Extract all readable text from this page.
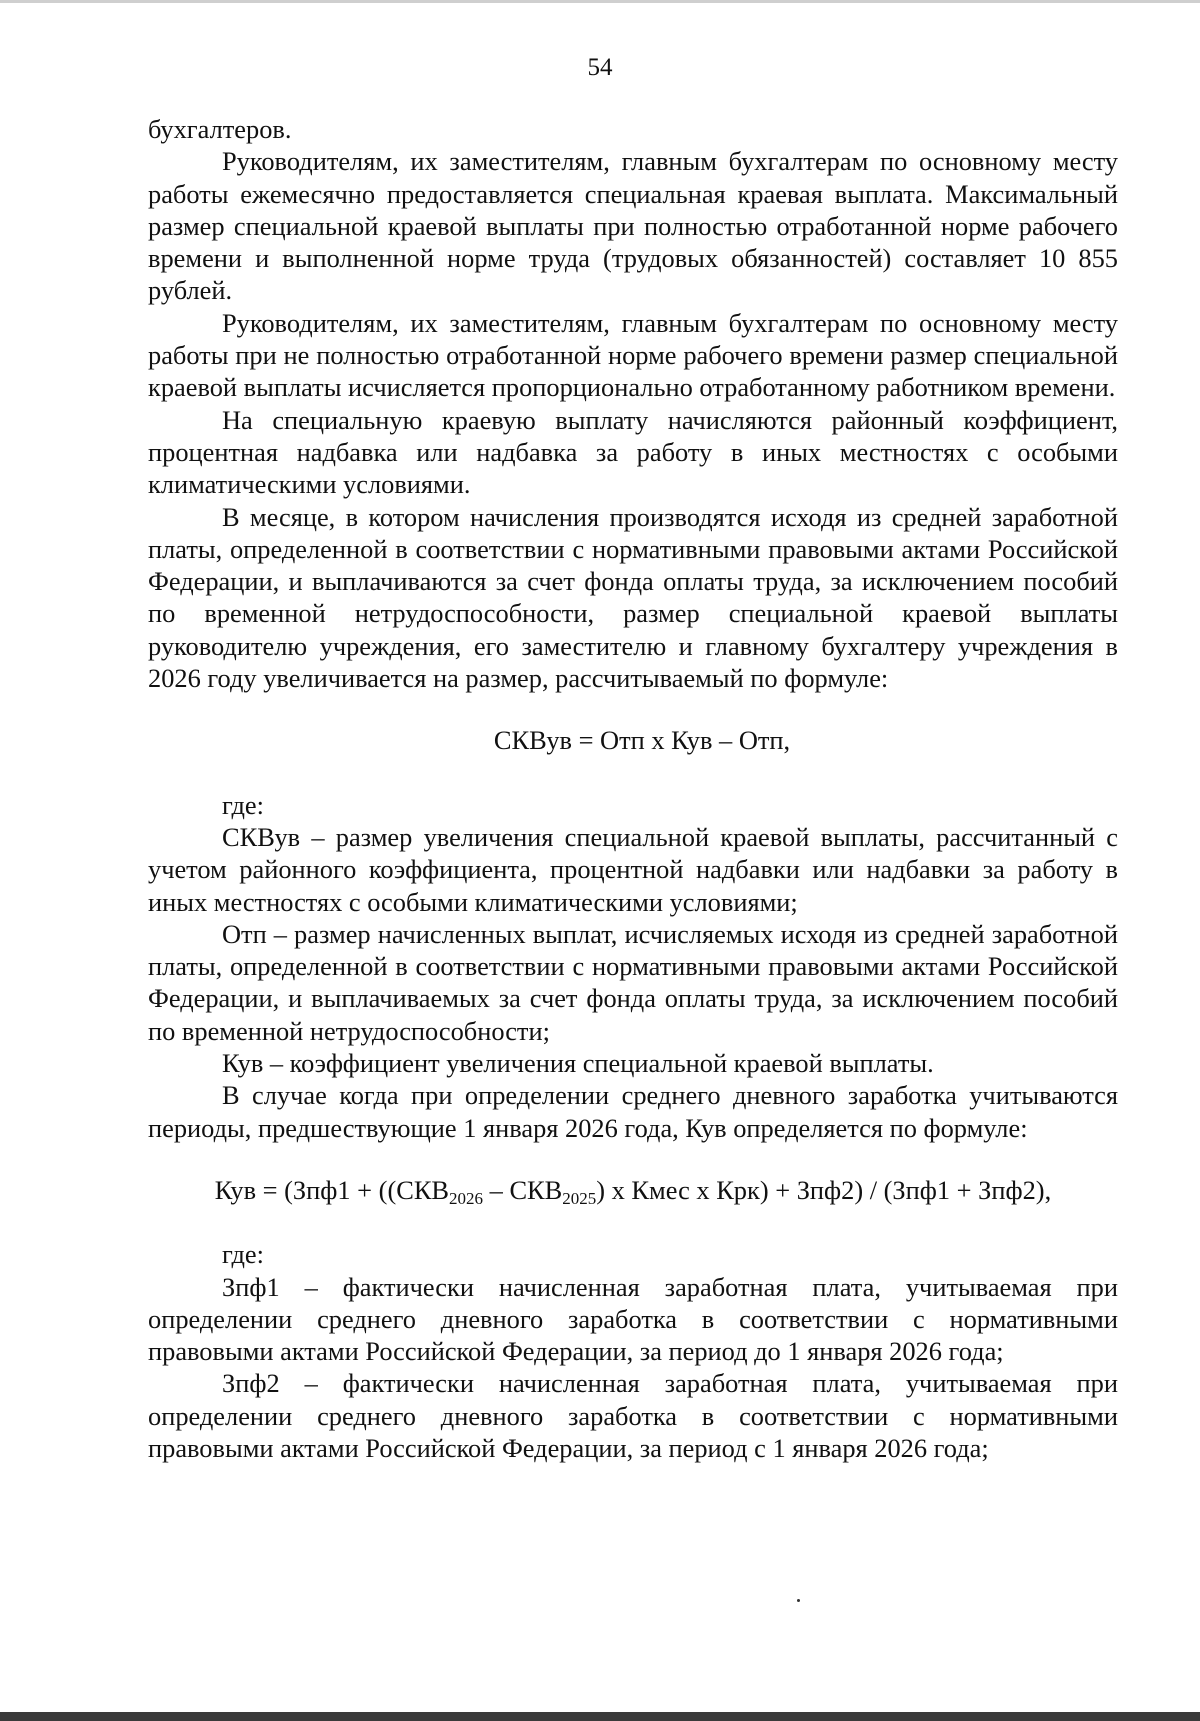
54

бухгалтеров.

Руководителям, их заместителям, главным бухгалтерам по основному месту работы ежемесячно предоставляется специальная краевая выплата. Максимальный размер специальной краевой выплаты при полностью отработанной норме рабочего времени и выполненной норме труда (трудовых обязанностей) составляет 10 855 рублей.

Руководителям, их заместителям, главным бухгалтерам по основному месту работы при не полностью отработанной норме рабочего времени размер специальной краевой выплаты исчисляется пропорционально отработанному работником времени.

На специальную краевую выплату начисляются районный коэффициент, процентная надбавка или надбавка за работу в иных местностях с особыми климатическими условиями.

В месяце, в котором начисления производятся исходя из средней заработной платы, определенной в соответствии с нормативными правовыми актами Российской Федерации, и выплачиваются за счет фонда оплаты труда, за исключением пособий по временной нетрудоспособности, размер специальной краевой выплаты руководителю учреждения, его заместителю и главному бухгалтеру учреждения в 2026 году увеличивается на размер, рассчитываемый по формуле:

СКВув = Отп х Кув – Отп,

где:

СКВув – размер увеличения специальной краевой выплаты, рассчитанный с учетом районного коэффициента, процентной надбавки или надбавки за работу в иных местностях с особыми климатическими условиями;

Отп – размер начисленных выплат, исчисляемых исходя из средней заработной платы, определенной в соответствии с нормативными правовыми актами Российской Федерации, и выплачиваемых за счет фонда оплаты труда, за исключением пособий по временной нетрудоспособности;

Кув – коэффициент увеличения специальной краевой выплаты.

В случае когда при определении среднего дневного заработка учитываются периоды, предшествующие 1 января 2026 года, Кув определяется по формуле:

Кув = ($Зпф1 + ((СКВ_{2026} - СКВ_{2025})$ х Кмес х Крк) + Зпф2) / (Зпф1 + Зпф2),

где:

Зпф1 – фактически начисленная заработная плата, учитываемая при определении среднего дневного заработка в соответствии с нормативными правовыми актами Российской Федерации, за период до 1 января 2026 года;

Зпф2 – фактически начисленная заработная плата, учитываемая при определении среднего дневного заработка в соответствии с нормативными правовыми актами Российской Федерации, за период с 1 января 2026 года;
